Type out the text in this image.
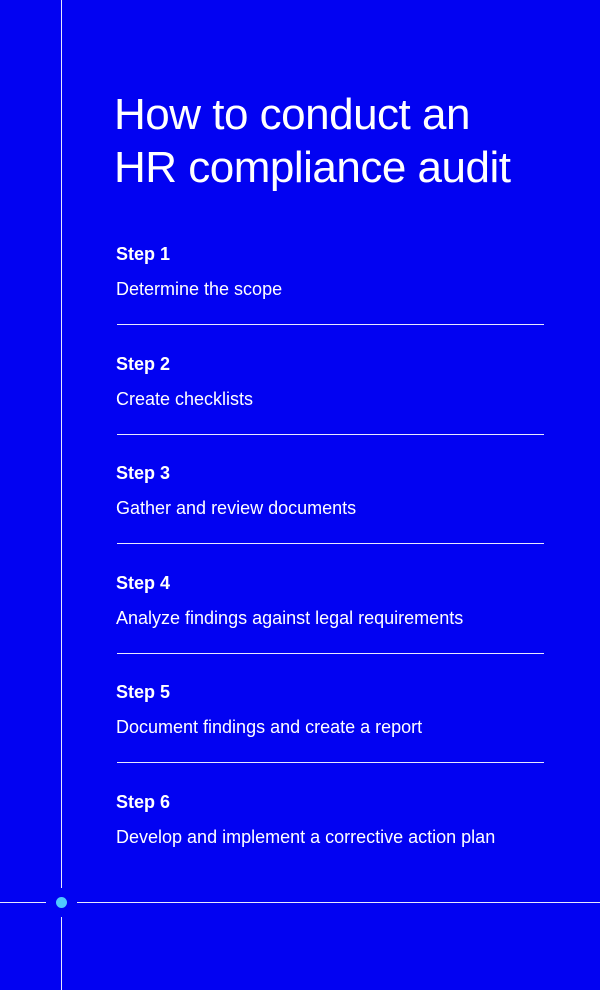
How to conduct an
HR compliance audit
Step 1
Determine the scope
Step 2
Create checklists
Step 3
Gather and review documents
Step 4
Analyze findings against legal requirements
Step 5
Document findings and create a report
Step 6
Develop and implement a corrective action plan
